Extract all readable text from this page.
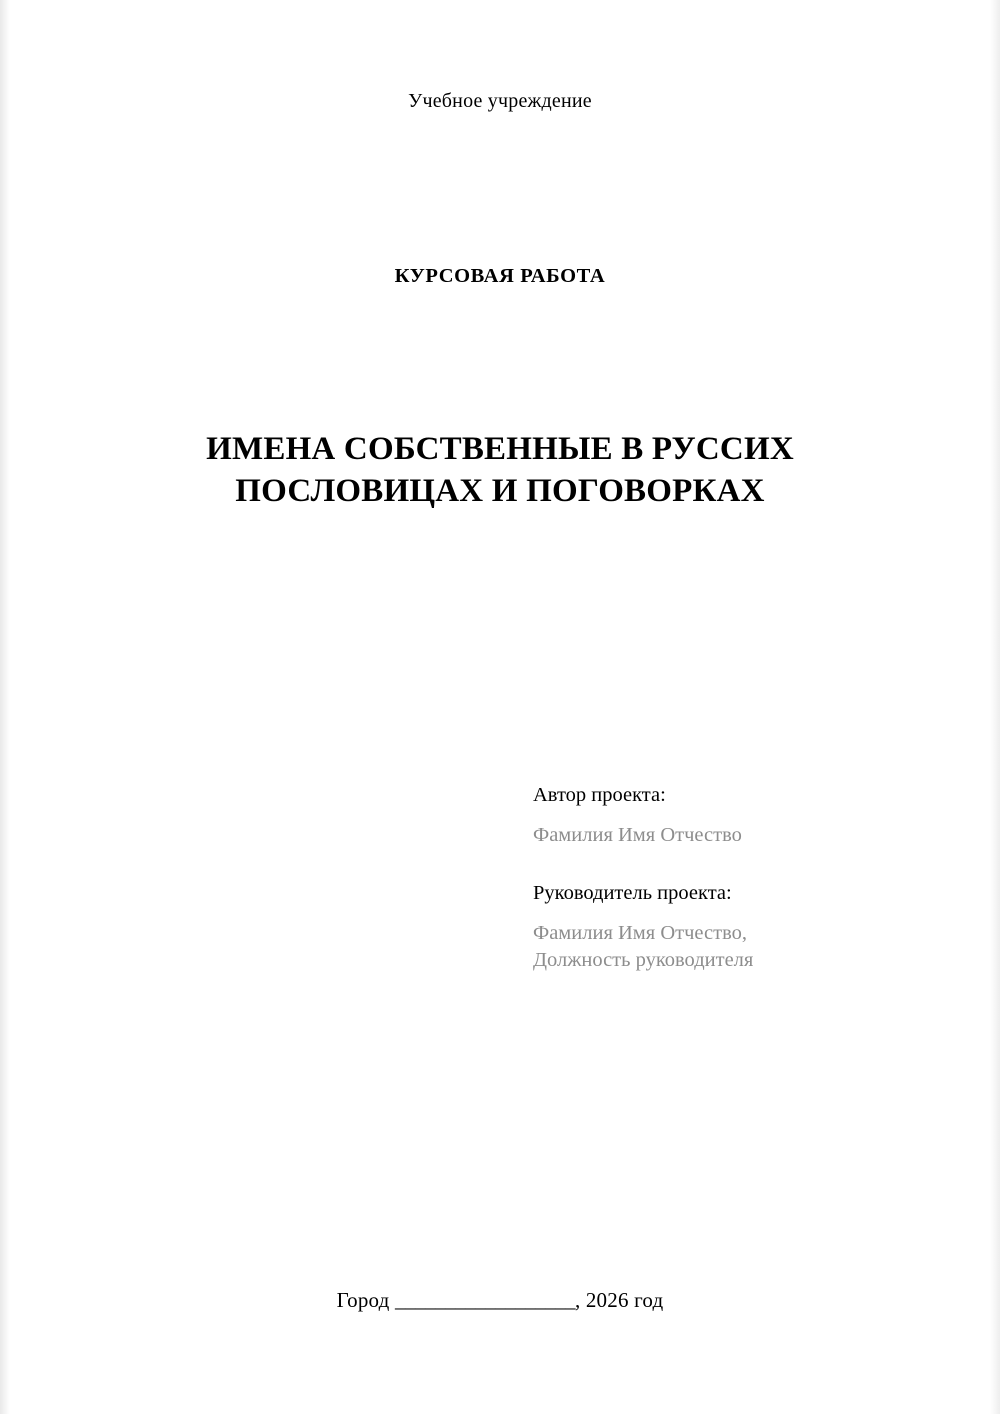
Учебное учреждение
КУРСОВАЯ РАБОТА
ИМЕНА СОБСТВЕННЫЕ В РУССИХ ПОСЛОВИЦАХ И ПОГОВОРКАХ

Автор проекта:

Фамилия Имя Отчество

Руководитель проекта:

Фамилия Имя Отчество,

Должность руководителя

Город __________________, 2026 год
